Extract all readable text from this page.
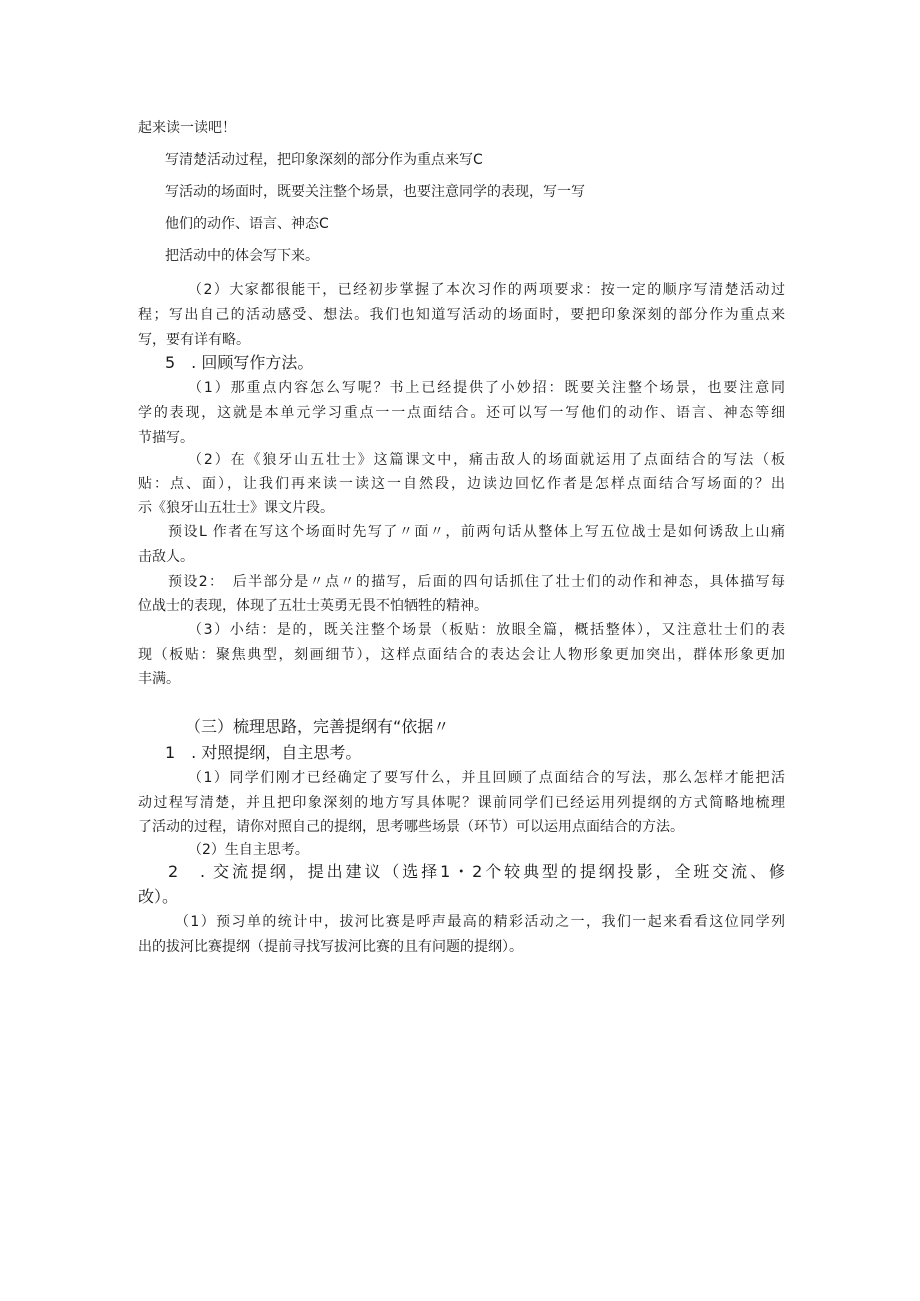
起来读一读吧！

写清楚活动过程，把印象深刻的部分作为重点来写C

写活动的场面时，既要关注整个场景，也要注意同学的表现，写一写

他们的动作、语言、神态C

把活动中的体会写下来。

（2）大家都很能干，已经初步掌握了本次习作的两项要求：按一定的顺序写清楚活动过

程；写出自己的活动感受、想法。我们也知道写活动的场面时，要把印象深刻的部分作为重点来

写，要有详有略。

5　. 回顾写作方法。

（1）那重点内容怎么写呢？书上已经提供了小妙招：既要关注整个场景，也要注意同

学的表现，这就是本单元学习重点一一点面结合。还可以写一写他们的动作、语言、神态等细

节描写。

（2）在《狼牙山五壮士》这篇课文中，痛击敌人的场面就运用了点面结合的写法（板

贴：点、面），让我们再来读一读这一自然段，边读边回忆作者是怎样点面结合写场面的？出

示《狼牙山五壮士》课文片段。

预设L 作者在写这个场面时先写了〃面〃，前两句话从整体上写五位战士是如何诱敌上山痛

击敌人。

预设2：　后半部分是〃点〃的描写，后面的四句话抓住了壮士们的动作和神态，具体描写每

位战士的表现，体现了五壮士英勇无畏不怕牺牲的精神。

（3）小结：是的，既关注整个场景（板贴：放眼全篇，概括整体），又注意壮士们的表

现（板贴：聚焦典型，刻画细节），这样点面结合的表达会让人物形象更加突出，群体形象更加

丰满。

（三）梳理思路，完善提纲有“依据〃

1　. 对照提纲，自主思考。

（1）同学们刚才已经确定了要写什么，并且回顾了点面结合的写法，那么怎样才能把活

动过程写清楚，并且把印象深刻的地方写具体呢？课前同学们已经运用列提纲的方式简略地梳理

了活动的过程，请你对照自己的提纲，思考哪些场景（环节）可以运用点面结合的方法。

（2）生自主思考。

2　. 交流提纲，提出建议（选择1・2个较典型的提纲投影，全班交流、修

改）。

（1）预习单的统计中，拔河比赛是呼声最高的精彩活动之一，我们一起来看看这位同学列

出的拔河比赛提纲（提前寻找写拔河比赛的且有问题的提纲）。
